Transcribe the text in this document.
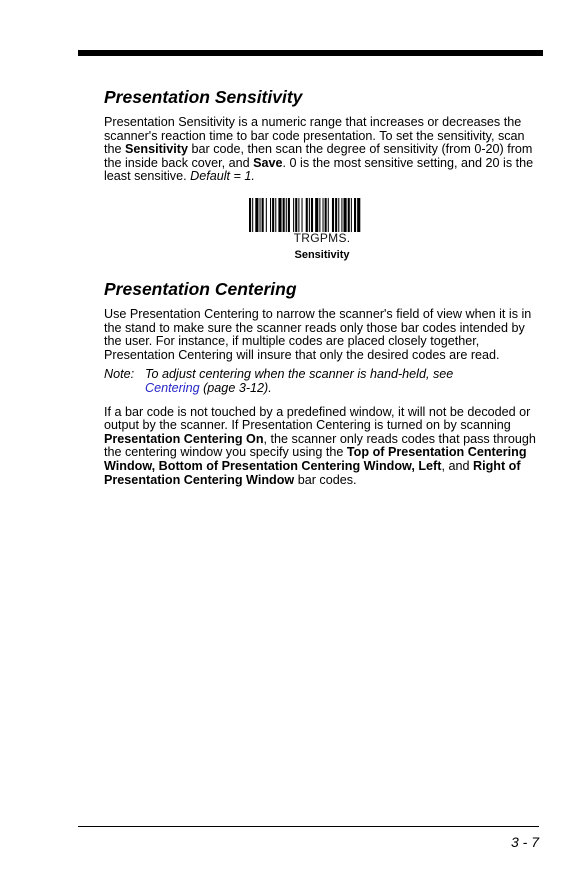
Presentation Sensitivity

Presentation Sensitivity is a numeric range that increases or decreases the scanner's reaction time to bar code presentation. To set the sensitivity, scan the Sensitivity bar code, then scan the degree of sensitivity (from 0-20) from the inside back cover, and Save. 0 is the most sensitive setting, and 20 is the least sensitive. Default = 1.

TRGPMS.
Sensitivity
Presentation Centering

Use Presentation Centering to narrow the scanner's field of view when it is in the stand to make sure the scanner reads only those bar codes intended by the user. For instance, if multiple codes are placed closely together, Presentation Centering will insure that only the desired codes are read.

Note: To adjust centering when the scanner is hand-held, see
Centering (page 3-12).

If a bar code is not touched by a predefined window, it will not be decoded or output by the scanner. If Presentation Centering is turned on by scanning Presentation Centering On, the scanner only reads codes that pass through the centering window you specify using the Top of Presentation Centering Window, Bottom of Presentation Centering Window, Left, and Right of Presentation Centering Window bar codes.

3 - 7
